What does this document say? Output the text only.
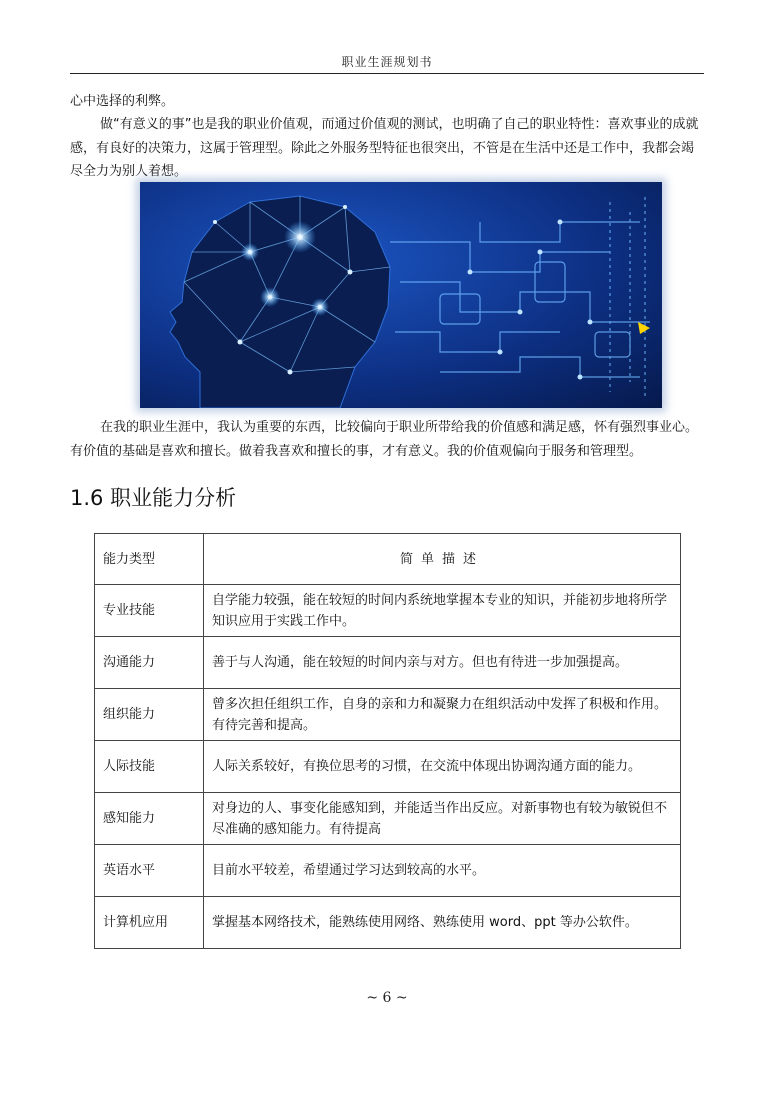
职业生涯规划书

心中选择的利弊。

做“有意义的事”也是我的职业价值观，而通过价值观的测试，也明确了自己的职业特性：喜欢事业的成就感，有良好的决策力，这属于管理型。除此之外服务型特征也很突出，不管是在生活中还是工作中，我都会竭尽全力为别人着想。

在我的职业生涯中，我认为重要的东西，比较偏向于职业所带给我的价值感和满足感，怀有强烈事业心。有价值的基础是喜欢和擅长。做着我喜欢和擅长的事，才有意义。我的价值观偏向于服务和管理型。

1.6 职业能力分析
能力类型	简单描述
专业技能	自学能力较强，能在较短的时间内系统地掌握本专业的知识，并能初步地将所学知识应用于实践工作中。
沟通能力	善于与人沟通，能在较短的时间内亲与对方。但也有待进一步加强提高。
组织能力	曾多次担任组织工作，自身的亲和力和凝聚力在组织活动中发挥了积极和作用。有待完善和提高。
人际技能	人际关系较好，有换位思考的习惯，在交流中体现出协调沟通方面的能力。
感知能力	对身边的人、事变化能感知到，并能适当作出反应。对新事物也有较为敏锐但不尽准确的感知能力。有待提高
英语水平	目前水平较差，希望通过学习达到较高的水平。
计算机应用	掌握基本网络技术，能熟练使用网络、熟练使用 word、ppt 等办公软件。
~ 6 ~
